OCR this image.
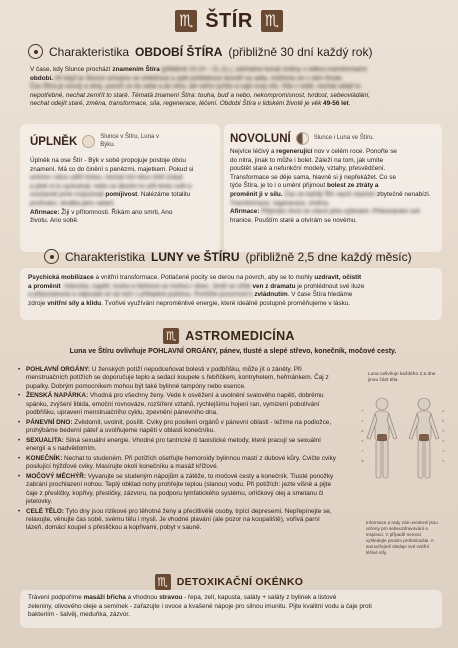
♏ ŠTÍR ♏
Charakteristika OBDOBÍ ŠTÍRA (přibližně 30 dní každý rok)
V čase, kdy Slunce prochází znamením Štíra (přibližně 23.10 – 21.11.), začínáme konat změny s velkou transformační
období. Až když je Slunce schopno se ohlédnout a zpět pohlédnout dovnitř na sebe, můžeme se v něm živote.
Čas Štíra je nosný a silný, ponoří se do sebe a do nitra, ale velmi rychle a najít svoji sílu. Síla v sobě, nechat odejít to
nepotřebné, nechat zemřít to staré. Tématá znamení Štíra: touha, buď a nebo, nekompromisnost, tvrdost, sebeovládání,
nechat odejít staré, změna, transformace, síla, regenerace, léčení. Období Štíra v lidském životě je věk 49-56 let.
ÚPLNĚK	Slunce v Štíru, Luna v Býku.
Úplněk na ose Štír - Býk v sobě propojuje postoje obou
znamení. Má co do činění s penězmi, majetkem. Pokud si
umíme i něco odřít čistou, nechat mít něco chtít získat
a plně si to vychutnat, nebo se dlouho to užít tento svět a
současně jsme rozpoznali pomíjivost. Nalézáme totalitu
prožívání, zkrátka jeho vášeň.
Afirmace: Žiji v přítomnosti. Říkám ano smrti, Ano
životu. Ano sobě.
NOVOLUNÍ	Slunce i Luna ve Štíru.
Nejvíce léčivý a regenerující nov v celém roce. Ponořte se
do nitra, jinak to může i bolet. Záleží na tom, jak umíte
pouštět staré a nefunkční modely, vztahy, přesvědčení.
Transformace se děje sama, hlavně si ji nepřekážet. Co se
týče Štíra, je to i o umění přijmout bolest ze ztráty a
proměnit ji v sílu. Čas se každý Štír naučí vlastně izbytečně nenabízí.
Transformace, regenerace, změna.
Afirmace: Přijímám život ve všech jeho výšinách. Překonávám své
hranice. Pouštím staré a otvírám se novému.
Charakteristika LUNY ve ŠTÍRU (přibližně 2,5 dne každý měsíc)
Psychická mobilizace a vnitřní transformace. Potlačené pocity se derou na povrch, aby se to mohly uzdravit, očistit
a proměnit. Intenzita, napětí, touha a žárlivost se mohou i dnes. Jestli se cítíte ven z dramatu je prohlédnout své iluze
a přípoutanosti a odpoutat se od nich z příkladné polohou. Pomůže pozornost k zvládnutím. V čase Štíra hledáme
zdroje vnitřní síly a klidu. Tvořivé využívání neproměnlivé energie, které ideálně postupně proměňujeme v lásku.
♏ ASTROMEDICÍNA
Luna ve Štíru ovlivňuje POHLAVNÍ ORGÁNY, pánev, tlusté a slepé střevo, konečník, močové cesty.
• POHLAVNÍ ORGÁNY: U ženských potíží nepodceňovat bolesti v podbřišku, může jít o záněty. Při menstruačních potížích se doporučuje teplo a sedací koupele s řebříčkem, kontryhelem, heřmánkem. Čaj z pupalky. Dobrým pomocníkem mohou být také bylinné tampóny nebo esence.
• ŽENSKÁ NAPÁRKA: Vhodná pro všechny ženy. Vede k osvěžení a uvolnění svalového napětí, dobrému spánku, zvýšení libida, emoční rovnováze, rozšíření vztahů, rychlejšímu hojení ran, vymizení pobolívání podbřišku, upravení menstruačního cyklu, zpevnění pánevního dna.
• PÁNEVNÍ DNO: Zvědomit, uvolnit, posílit. Cviky pro posílení orgánů v pánevní oblasti - ležíme na podložce, prohýbáme bederní páteř a uvolňujeme napětí v oblasti konečníku.
• SEXUALITA: Silná sexuální energie. Vhodné pro tantrické či taoistické metody, které pracují se sexuální energií a s nadvědomím.
• KONEČNÍK: Nechat to studeném. Při potížích ošetřujte hemoroidy bylinnou mastí z dubové kůry. Cvičte cviky posilující hýžďové cviky. Masírujte okolí konečníku a masáž křížové.
• MOČOVÝ MĚCHÝŘ: Vyvarujte se studeným nápojům a zátěže, to močové cesty a konečník. Tlusté ponožky zabrání prochlazení nohou. Teplý obklad nohy prohřejte teplou (slanou) vodu. Při potížích: jezte višně a pijte čaje z přesličky, kopřivy, přesličky, zázvoru, na podporu lymfatického systému, orlíčkový olej a smetanu či jetelovky.
• CELÉ TĚLO: Tyto dny jsou rizikové pro těhotné ženy a přecitlivělé osoby, trpící depresemi. Nepřepínejte se, relaxujte, věnujte čas sobě, svému tělu i mysli. Je vhodné plavání (ale pozor na koupaliště), vořivá parní lázeň, domácí koupel s přesličkou a kopřivami, pobyt v sauně.
Luna ovlivňuje každého 2,5 dne jinou část těla.
♈
♉
♊
♋
♌
♍
♎
♏
♐
♑
♒
♓
Informace a rady zde uvedené jsou určeny pro sebeuzdravování a inspiraci. V případě nemoci vyhledejte prosím profesionála. A samozřejmě sleduje své vnitřní léčivé síly.
♏ DETOXIKAČNÍ OKÉNKO
Trávení podpoříme masáží břicha a vhodnou stravou - řepa, zelí, kapusta, saláty + saláty z bylinek a listové
zeleniny, olivového oleje a semínek - zařazujte i ovoce a kvašené nápoje pro silnou imunitu. Pijte kvalitní vodu a čaje proti
bakteriím - šalvěj, meduňka, zázvor.
